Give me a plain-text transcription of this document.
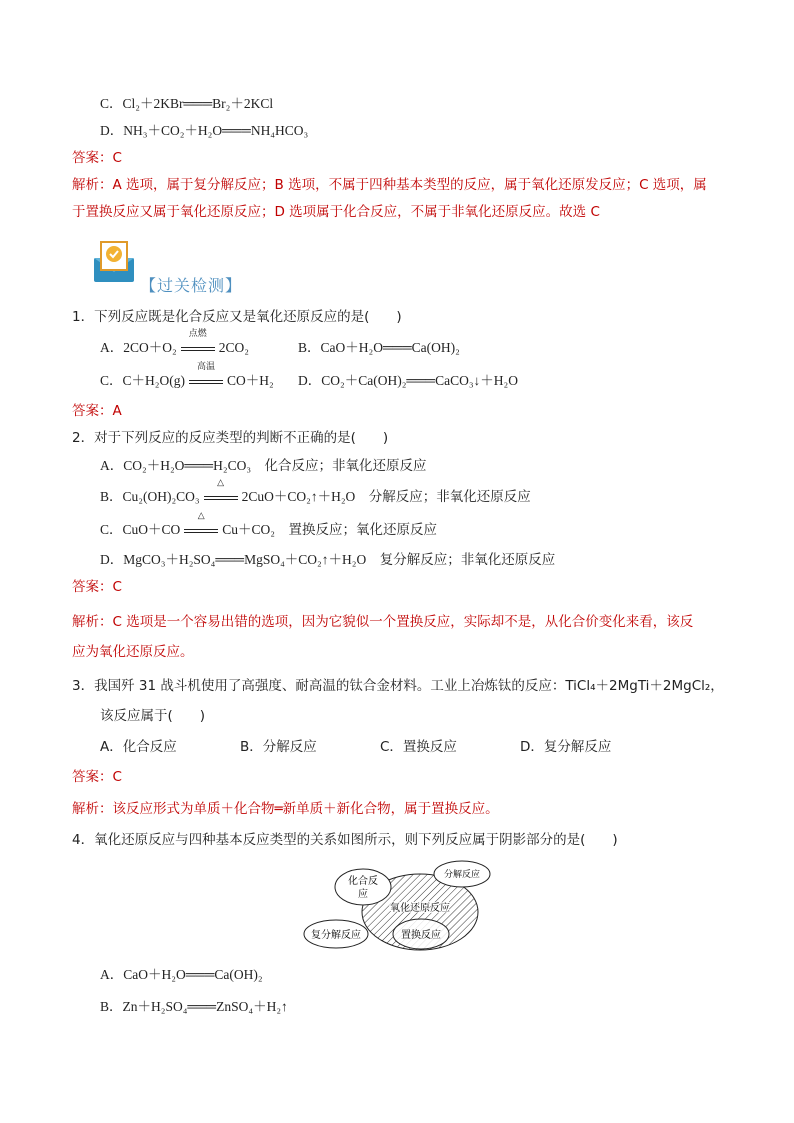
C．Cl₂＋2KBr═══Br₂＋2KCl
D．NH₃＋CO₂＋H₂O═══NH₄HCO₃
答案：C
解析：A 选项，属于复分解反应；B 选项，不属于四种基本类型的反应，属于氧化还原发反应；C 选项，属
于置换反应又属于氧化还原反应；D 选项属于化合反应，不属于非氧化还原反应。故选 C
【过关检测】
1．下列反应既是化合反应又是氧化还原反应的是(　　)
A．2CO＋O₂
点燃
2CO₂	B．CaO＋H₂O═══Ca(OH)₂
C．C＋H₂O(g)
高温
CO＋H₂ D．CO₂＋Ca(OH)₂═══CaCO₃↓＋H₂O
答案：A
2．对于下列反应的反应类型的判断不正确的是(　　)
A．CO₂＋H₂O═══H₂CO₃　化合反应；非氧化还原反应
B．Cu₂(OH)₂CO₃
△
2CuO＋CO₂↑＋H₂O　分解反应；非氧化还原反应
C．CuO＋CO
△
Cu＋CO₂　置换反应；氧化还原反应
D．MgCO₃＋H₂SO₄═══MgSO₄＋CO₂↑＋H₂O　复分解反应；非氧化还原反应
答案：C
解析：C 选项是一个容易出错的选项，因为它貌似一个置换反应，实际却不是，从化合价变化来看，该反
应为氧化还原反应。
3．我国歼 31 战斗机使用了高强度、耐高温的钛合金材料。工业上冶炼钛的反应：TiCl₄＋2MgTi＋2MgCl₂，
该反应属于(　　)
A．化合反应	B．分解反应	C．置换反应	D．复分解反应
答案：C
解析：该反应形式为单质＋化合物═新单质＋新化合物，属于置换反应。
4．氧化还原反应与四种基本反应类型的关系如图所示，则下列反应属于阴影部分的是(　　)
化合反
应
分解反应
氧化还原反应
复分解反应	置换反应
A．CaO＋H₂O═══Ca(OH)₂
B．Zn＋H₂SO₄═══ZnSO₄＋H₂↑
